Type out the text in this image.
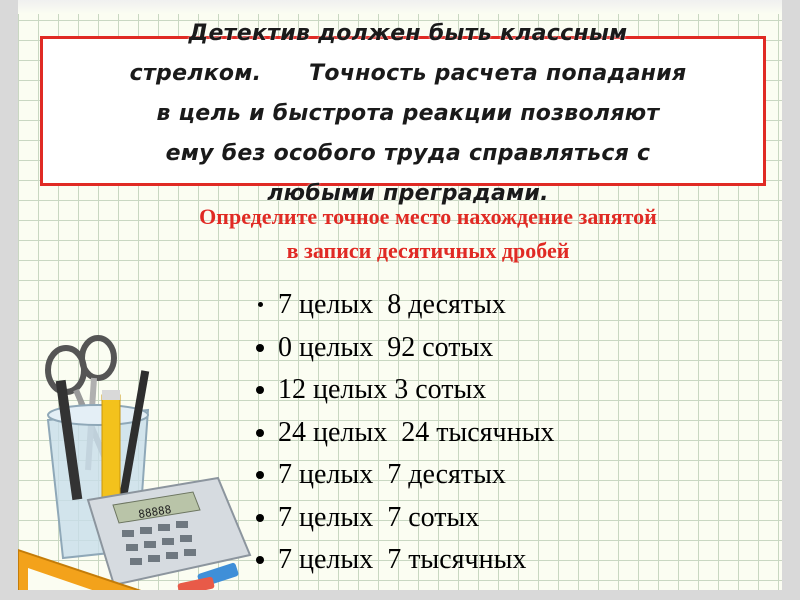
Детектив должен быть классным
стрелком.      Точность расчета попадания
в цель и быстрота реакции позволяют
ему без особого труда справляться с
любыми преградами.
Определите точное место нахождение запятой
в записи десятичных дробей
7 целых  8 десятых
0 целых  92 сотых
12 целых 3 сотых
24 целых  24 тысячных
7 целых  7 десятых
7 целых  7 сотых
7 целых  7 тысячных
88888
